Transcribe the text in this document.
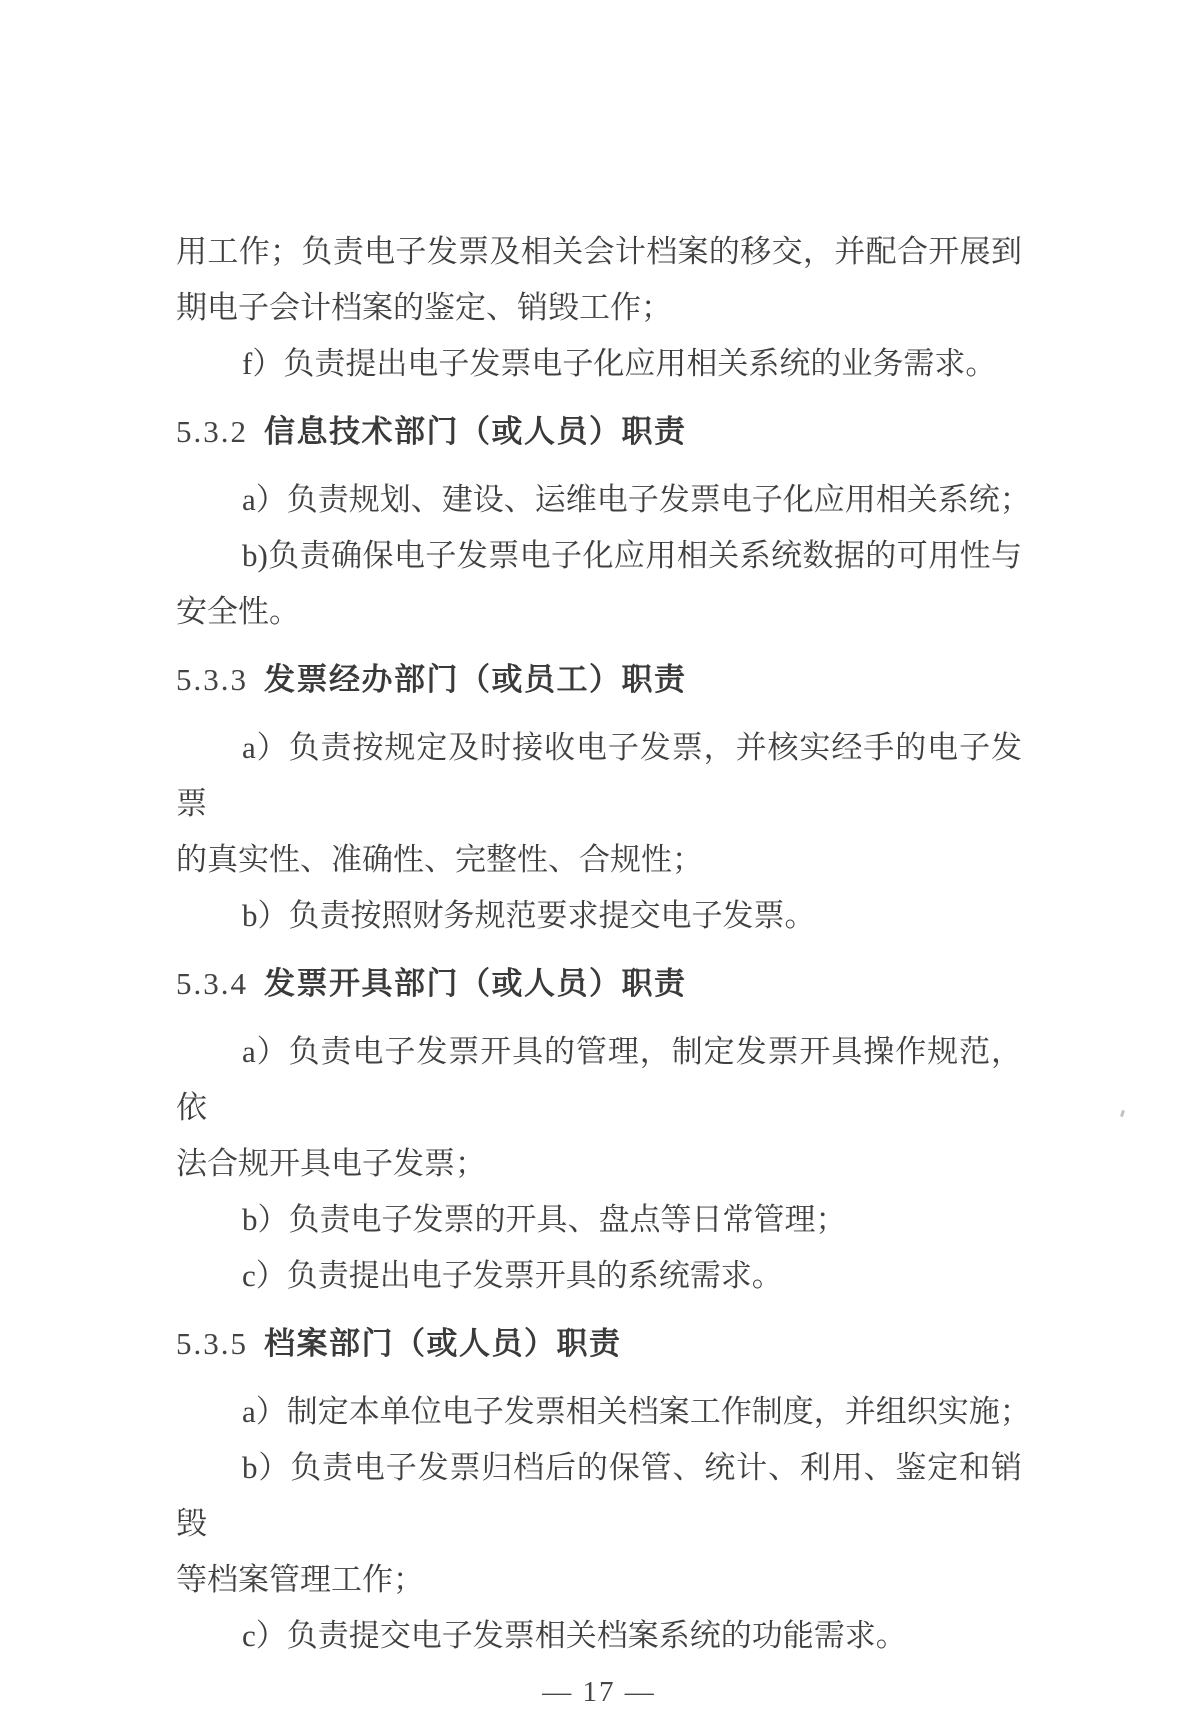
用工作；负责电子发票及相关会计档案的移交，并配合开展到
期电子会计档案的鉴定、销毁工作；
f）负责提出电子发票电子化应用相关系统的业务需求。
5.3.2 信息技术部门（或人员）职责
a）负责规划、建设、运维电子发票电子化应用相关系统；
b)负责确保电子发票电子化应用相关系统数据的可用性与
安全性。
5.3.3 发票经办部门（或员工）职责
a）负责按规定及时接收电子发票，并核实经手的电子发票
的真实性、准确性、完整性、合规性；
b）负责按照财务规范要求提交电子发票。
5.3.4 发票开具部门（或人员）职责
a）负责电子发票开具的管理，制定发票开具操作规范，依
法合规开具电子发票；
b）负责电子发票的开具、盘点等日常管理；
c）负责提出电子发票开具的系统需求。
5.3.5 档案部门（或人员）职责
a）制定本单位电子发票相关档案工作制度，并组织实施；
b）负责电子发票归档后的保管、统计、利用、鉴定和销毁
等档案管理工作；
c）负责提交电子发票相关档案系统的功能需求。
— 17 —
